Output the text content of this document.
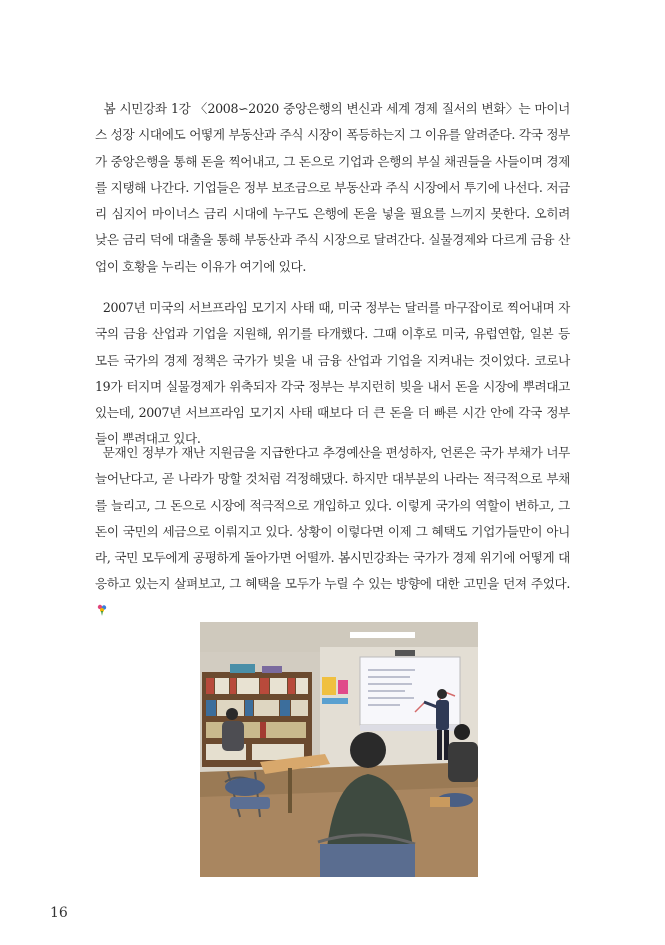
봄 시민강좌 1강 〈2008∽2020 중앙은행의 변신과 세계 경제 질서의 변화〉는 마이너스 성장 시대에도 어떻게 부동산과 주식 시장이 폭등하는지 그 이유를 알려준다. 각국 정부가 중앙은행을 통해 돈을 찍어내고, 그 돈으로 기업과 은행의 부실 채권들을 사들이며 경제를 지탱해 나간다. 기업들은 정부 보조금으로 부동산과 주식 시장에서 투기에 나선다. 저금리 심지어 마이너스 금리 시대에 누구도 은행에 돈을 넣을 필요를 느끼지 못한다. 오히려 낮은 금리 덕에 대출을 통해 부동산과 주식 시장으로 달려간다. 실물경제와 다르게 금융 산업이 호황을 누리는 이유가 여기에 있다.

2007년 미국의 서브프라임 모기지 사태 때, 미국 정부는 달러를 마구잡이로 찍어내며 자국의 금융 산업과 기업을 지원해, 위기를 타개했다. 그때 이후로 미국, 유럽연합, 일본 등 모든 국가의 경제 정책은 국가가 빚을 내 금융 산업과 기업을 지켜내는 것이었다. 코로나19가 터지며 실물경제가 위축되자 각국 정부는 부지런히 빚을 내서 돈을 시장에 뿌려대고 있는데, 2007년 서브프라임 모기지 사태 때보다 더 큰 돈을 더 빠른 시간 안에 각국 정부들이 뿌려대고 있다.

문재인 정부가 재난 지원금을 지급한다고 추경예산을 편성하자, 언론은 국가 부채가 너무 늘어난다고, 곧 나라가 망할 것처럼 걱정해댔다. 하지만 대부분의 나라는 적극적으로 부채를 늘리고, 그 돈으로 시장에 적극적으로 개입하고 있다. 이렇게 국가의 역할이 변하고, 그 돈이 국민의 세금으로 이뤄지고 있다. 상황이 이렇다면 이제 그 혜택도 기업가들만이 아니라, 국민 모두에게 공평하게 돌아가면 어떨까. 봄시민강좌는 국가가 경제 위기에 어떻게 대응하고 있는지 살펴보고, 그 혜택을 모두가 누릴 수 있는 방향에 대한 고민을 던져 주었다.

16
